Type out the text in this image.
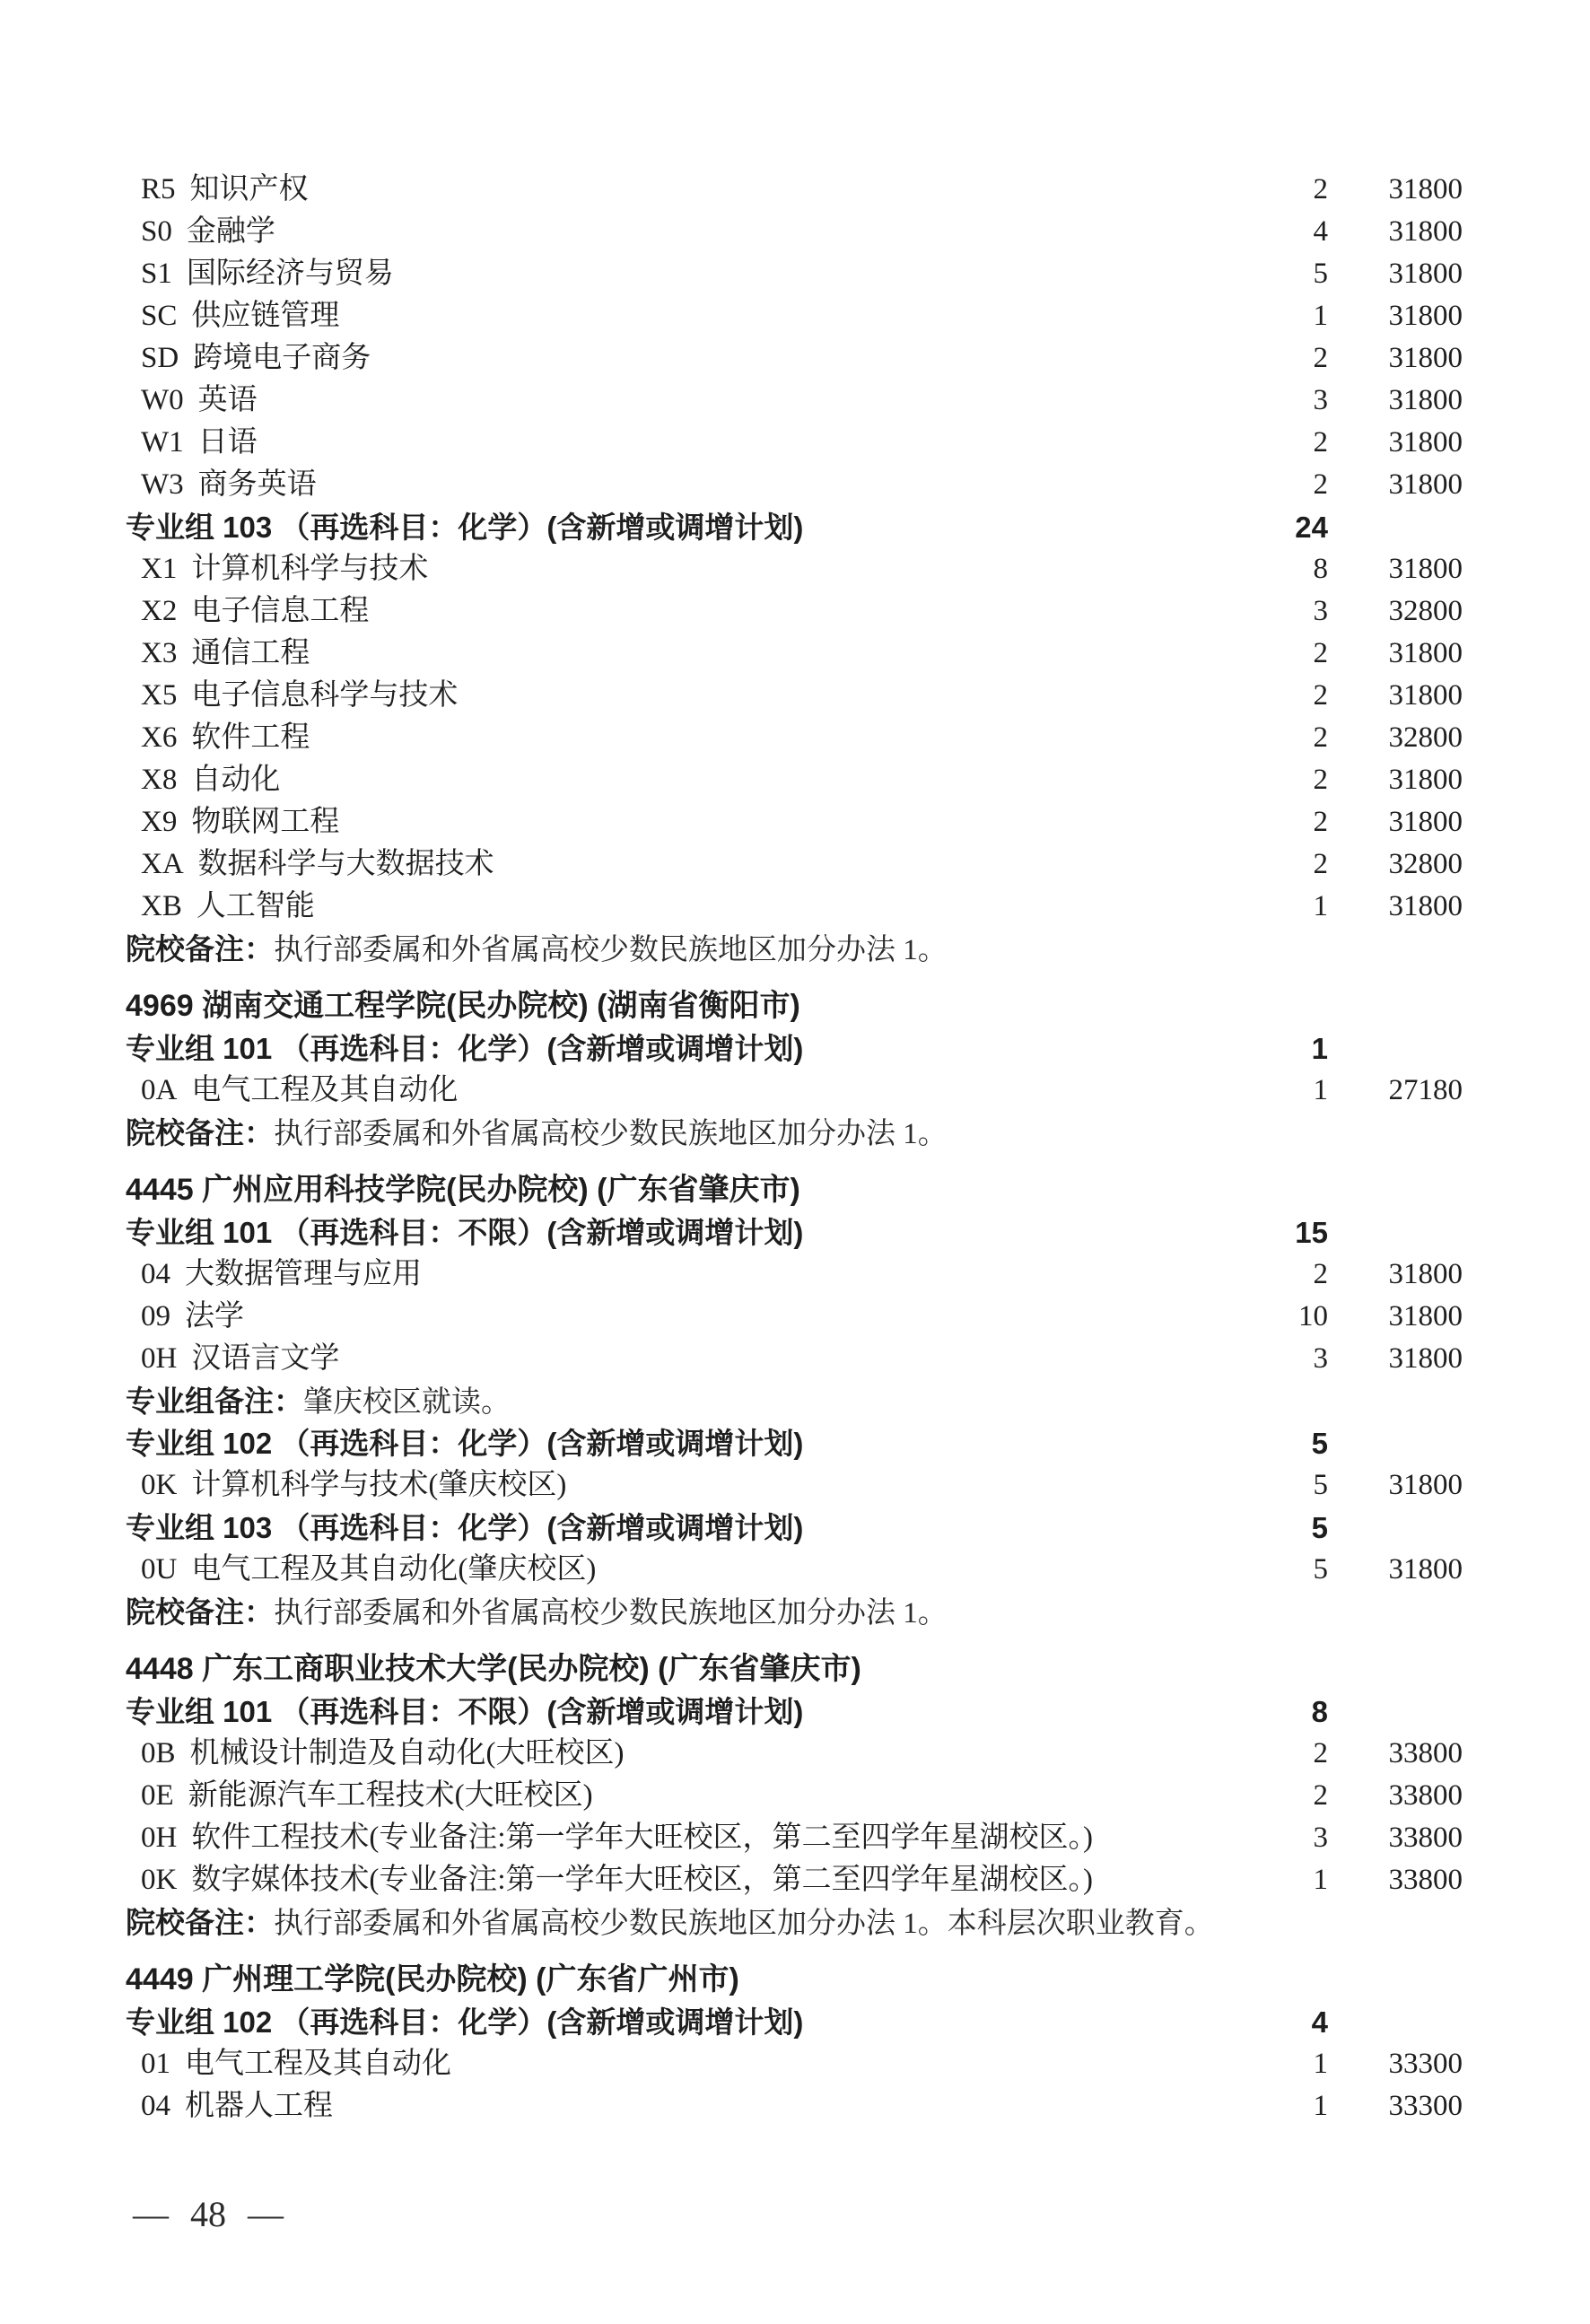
R5 知识产权	2	31800
S0 金融学	4	31800
S1 国际经济与贸易	5	31800
SC 供应链管理	1	31800
SD 跨境电子商务	2	31800
W0 英语	3	31800
W1 日语	2	31800
W3 商务英语	2	31800
专业组 103 （再选科目：化学）(含新增或调增计划)	24
X1 计算机科学与技术	8	31800
X2 电子信息工程	3	32800
X3 通信工程	2	31800
X5 电子信息科学与技术	2	31800
X6 软件工程	2	32800
X8 自动化	2	31800
X9 物联网工程	2	31800
XA 数据科学与大数据技术	2	32800
XB 人工智能	1	31800
院校备注：执行部委属和外省属高校少数民族地区加分办法 1。
4969 湖南交通工程学院(民办院校) (湖南省衡阳市)
专业组 101 （再选科目：化学）(含新增或调增计划)	1
0A 电气工程及其自动化	1	27180
院校备注：执行部委属和外省属高校少数民族地区加分办法 1。
4445 广州应用科技学院(民办院校) (广东省肇庆市)
专业组 101 （再选科目：不限）(含新增或调增计划)	15
04 大数据管理与应用	2	31800
09 法学	10	31800
0H 汉语言文学	3	31800
专业组备注：肇庆校区就读。
专业组 102 （再选科目：化学）(含新增或调增计划)	5
0K 计算机科学与技术(肇庆校区)	5	31800
专业组 103 （再选科目：化学）(含新增或调增计划)	5
0U 电气工程及其自动化(肇庆校区)	5	31800
院校备注：执行部委属和外省属高校少数民族地区加分办法 1。
4448 广东工商职业技术大学(民办院校) (广东省肇庆市)
专业组 101 （再选科目：不限）(含新增或调增计划)	8
0B 机械设计制造及自动化(大旺校区)	2	33800
0E 新能源汽车工程技术(大旺校区)	2	33800
0H 软件工程技术(专业备注:第一学年大旺校区，第二至四学年星湖校区。)	3	33800
0K 数字媒体技术(专业备注:第一学年大旺校区，第二至四学年星湖校区。)	1	33800
院校备注：执行部委属和外省属高校少数民族地区加分办法 1。本科层次职业教育。
4449 广州理工学院(民办院校) (广东省广州市)
专业组 102 （再选科目：化学）(含新增或调增计划)	4
01 电气工程及其自动化	1	33300
04 机器人工程	1	33300
— 48 —
